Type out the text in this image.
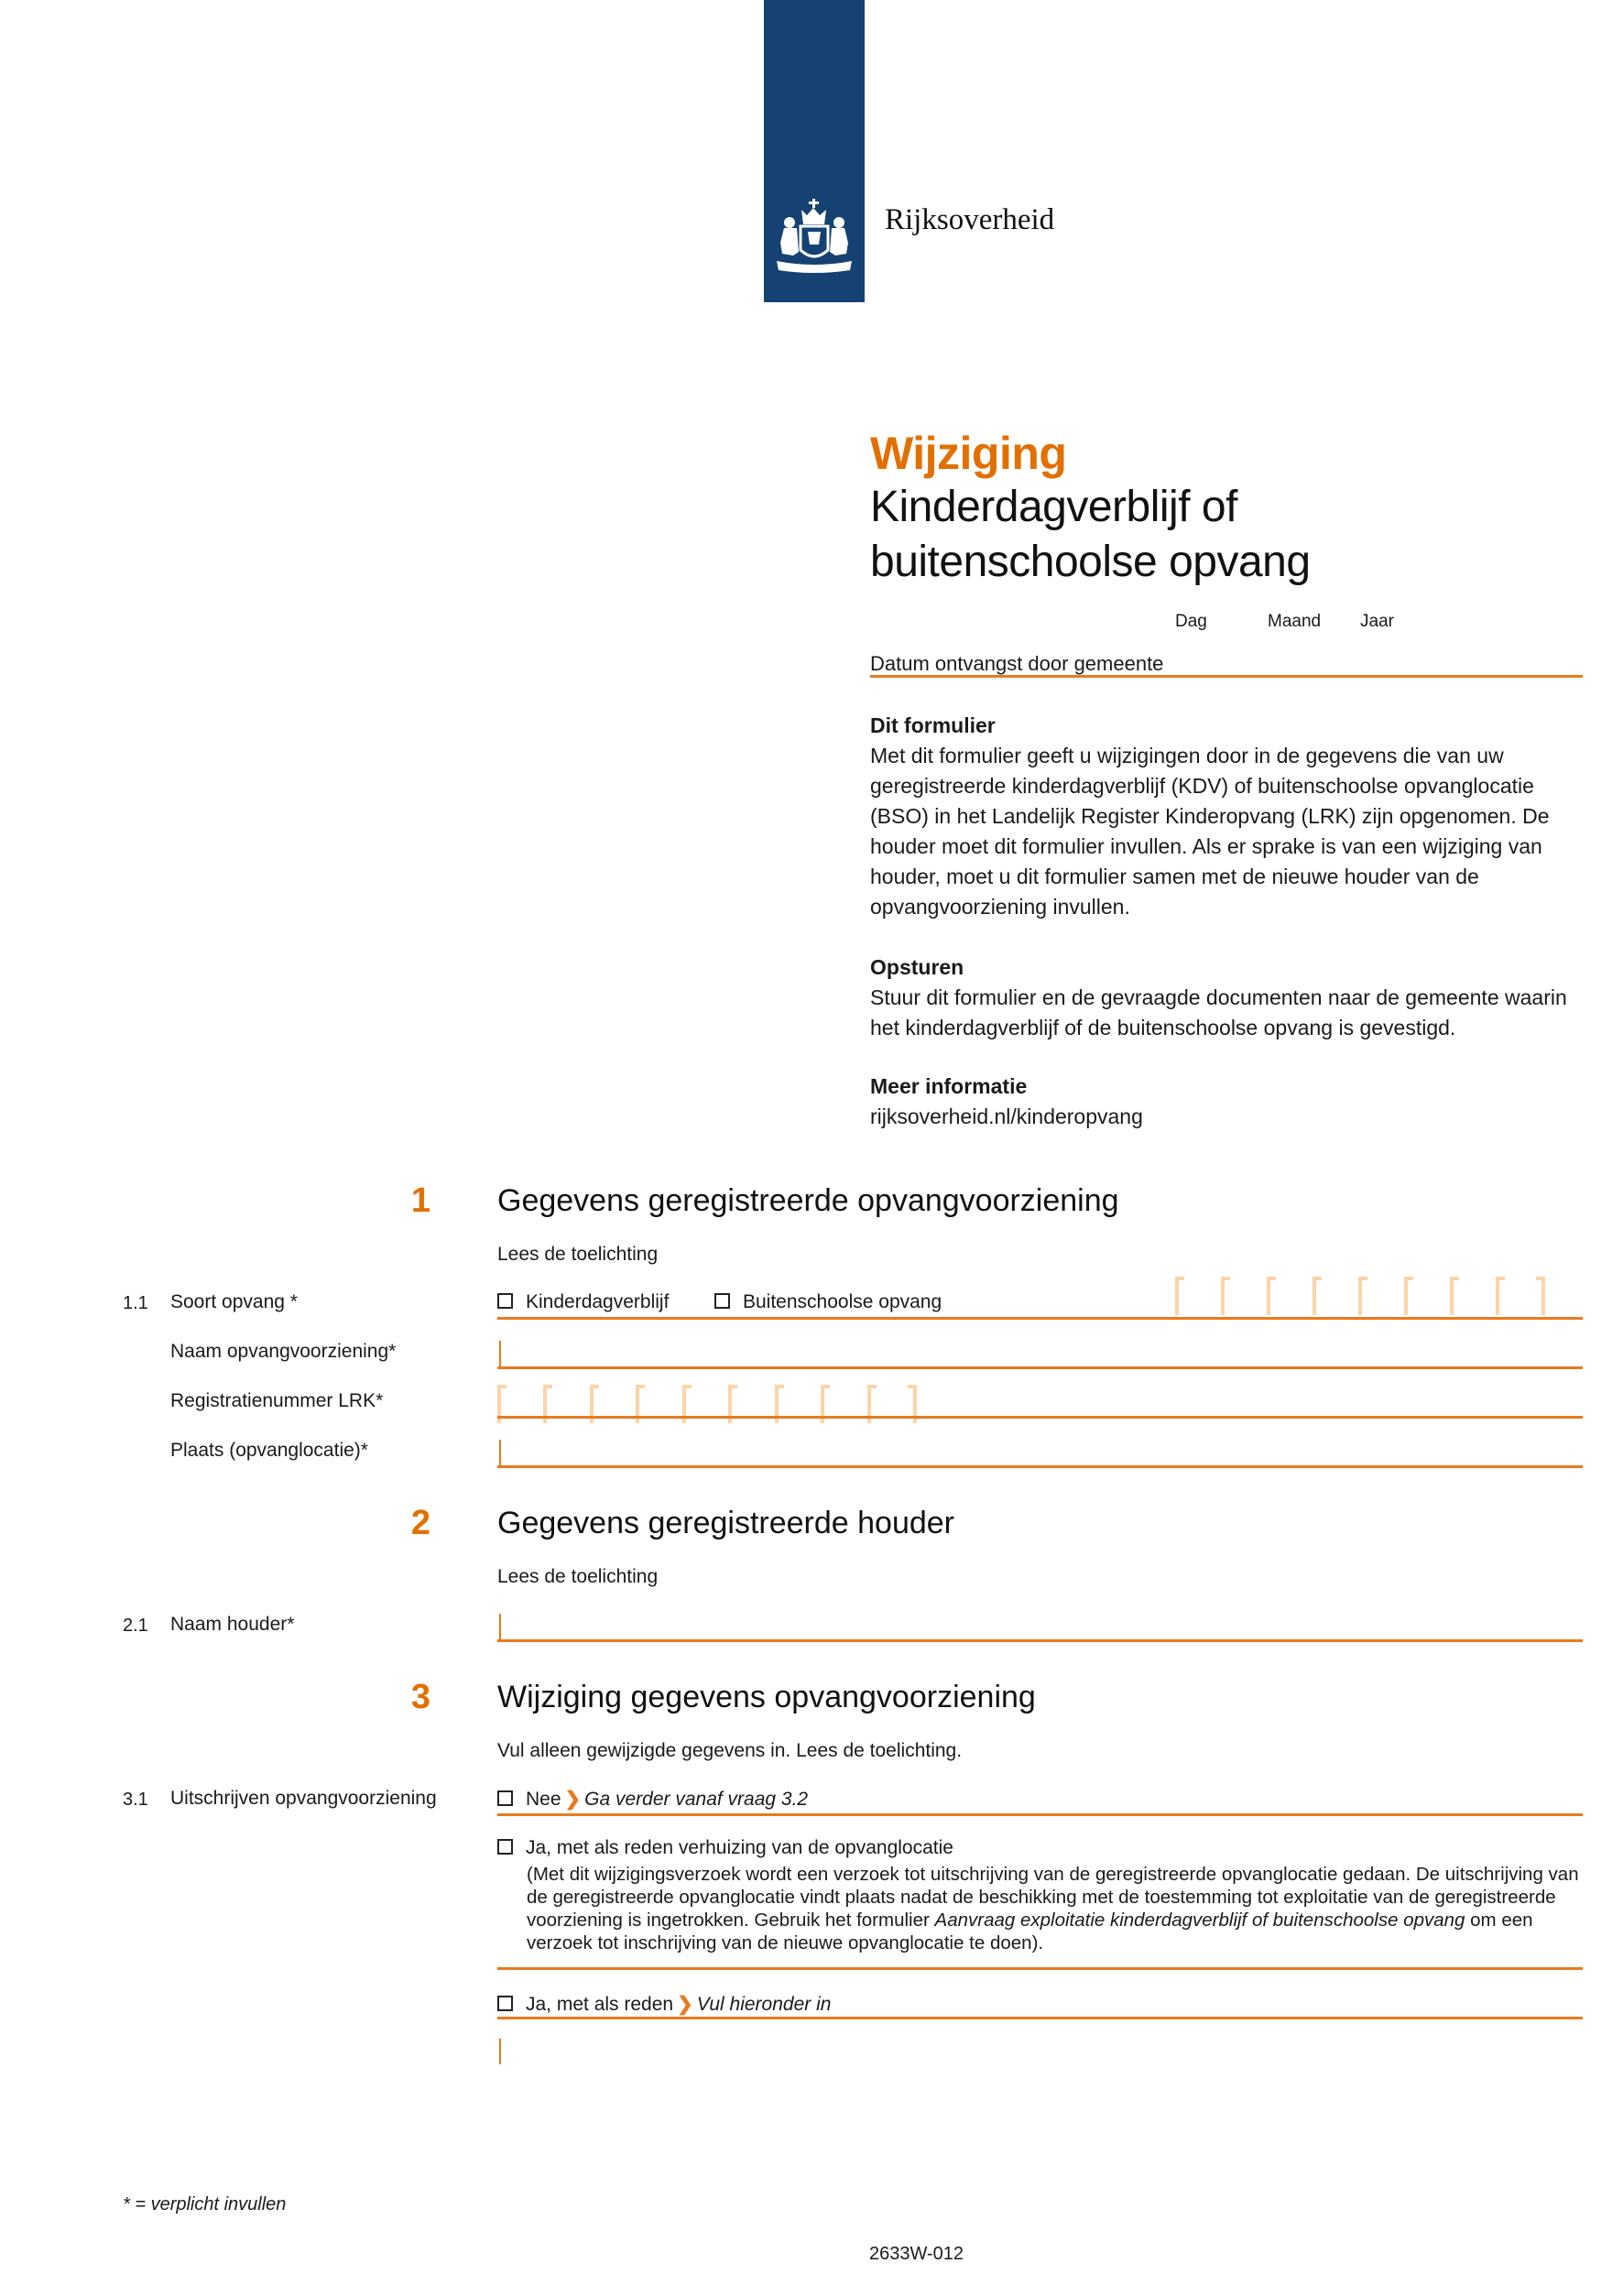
Rijksoverheid
Wijziging
Kinderdagverblijf of
buitenschoolse opvang
Dag	Maand Jaar
Datum ontvangst door gemeente
Dit formulier

Met dit formulier geeft u wijzigingen door in de gegevens die van uw geregistreerde kinderdagverblijf (KDV) of buitenschoolse opvanglocatie (BSO) in het Landelijk Register Kinderopvang (LRK) zijn opgenomen. De houder moet dit formulier invullen. Als er sprake is van een wijziging van houder, moet u dit formulier samen met de nieuwe houder van de opvangvoorziening invullen.

Opsturen

Stuur dit formulier en de gevraagde documenten naar de gemeente waarin het kinderdagverblijf of de buitenschoolse opvang is gevestigd.

Meer informatie

rijksoverheid.nl/kinderopvang

1 Gegevens geregistreerde opvangvoorziening
Lees de toelichting
1.1 Soort opvang *	Kinderdagverblijf	Buitenschoolse opvang
Naam opvangvoorziening*
Registratienummer LRK*
Plaats (opvanglocatie)*
2 Gegevens geregistreerde houder
Lees de toelichting
2.1 Naam houder*
3 Wijziging gegevens opvangvoorziening
Vul alleen gewijzigde gegevens in. Lees de toelichting.
3.1 Uitschrijven opvangvoorziening	Nee ❯ Ga verder vanaf vraag 3.2
Ja, met als reden verhuizing van de opvanglocatie
(Met dit wijzigingsverzoek wordt een verzoek tot uitschrijving van de geregistreerde opvanglocatie gedaan. De uitschrijving van de geregistreerde opvanglocatie vindt plaats nadat de beschikking met de toestemming tot exploitatie van de geregistreerde voorziening is ingetrokken. Gebruik het formulier Aanvraag exploitatie kinderdagverblijf of buitenschoolse opvang om een verzoek tot inschrijving van de nieuwe opvanglocatie te doen).
Ja, met als reden ❯ Vul hieronder in
* = verplicht invullen
2633W-012
